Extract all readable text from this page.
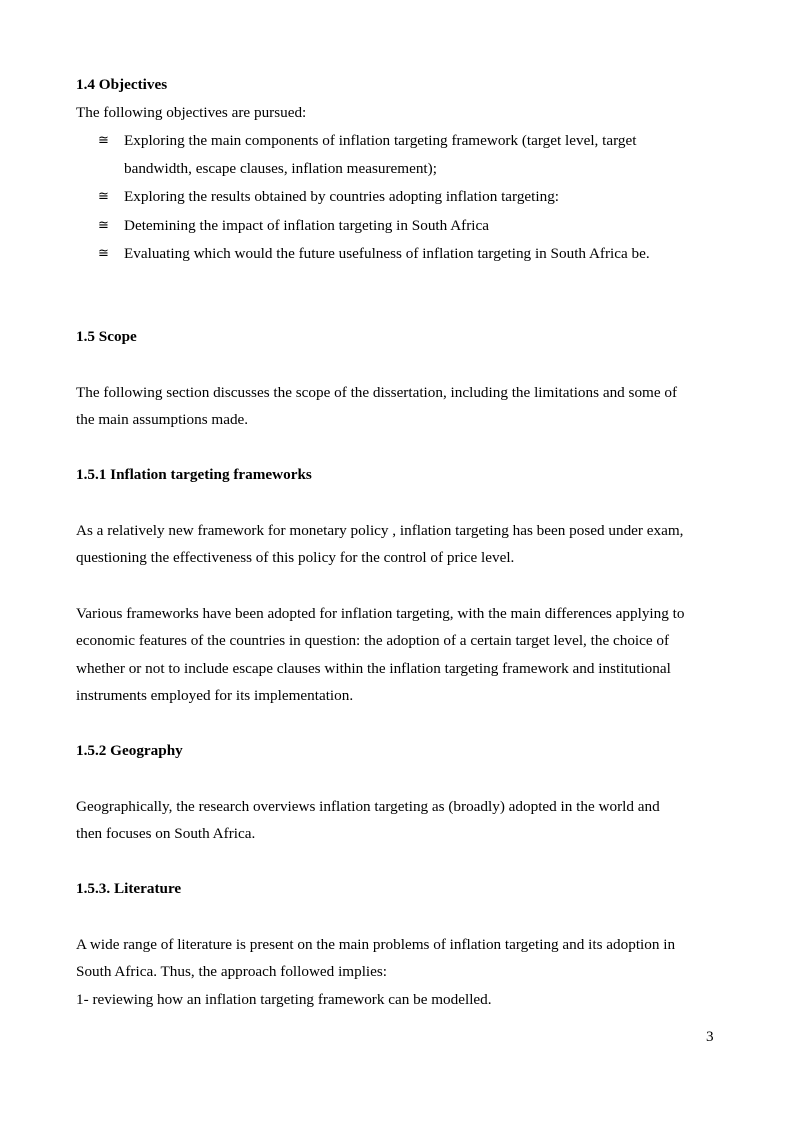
1.4 Objectives
The following objectives are pursued:
≅ Exploring the main components of inflation targeting framework (target level, target
bandwidth, escape clauses, inflation measurement);
≅ Exploring the results obtained by countries adopting inflation targeting:
≅ Detemining the impact of inflation targeting in South Africa
≅ Evaluating which would the future usefulness of inflation targeting in South Africa be.
1.5 Scope
The following section discusses the scope of the dissertation, including the limitations and some of
the main assumptions made.
1.5.1 Inflation targeting frameworks
As a relatively new framework for monetary policy , inflation targeting has been posed under exam,
questioning the effectiveness of this policy for the control of price level.
Various frameworks have been adopted for inflation targeting, with the main differences applying to
economic features of the countries in question: the adoption of a certain target level, the choice of
whether or not to include escape clauses within the inflation targeting framework and institutional
instruments employed for its implementation.
1.5.2 Geography
Geographically, the research overviews inflation targeting as (broadly) adopted in the world and
then focuses on South Africa.
1.5.3. Literature
A wide range of literature is present on the main problems of inflation targeting and its adoption in
South Africa. Thus, the approach followed implies:
1- reviewing how an inflation targeting framework can be modelled.
3
